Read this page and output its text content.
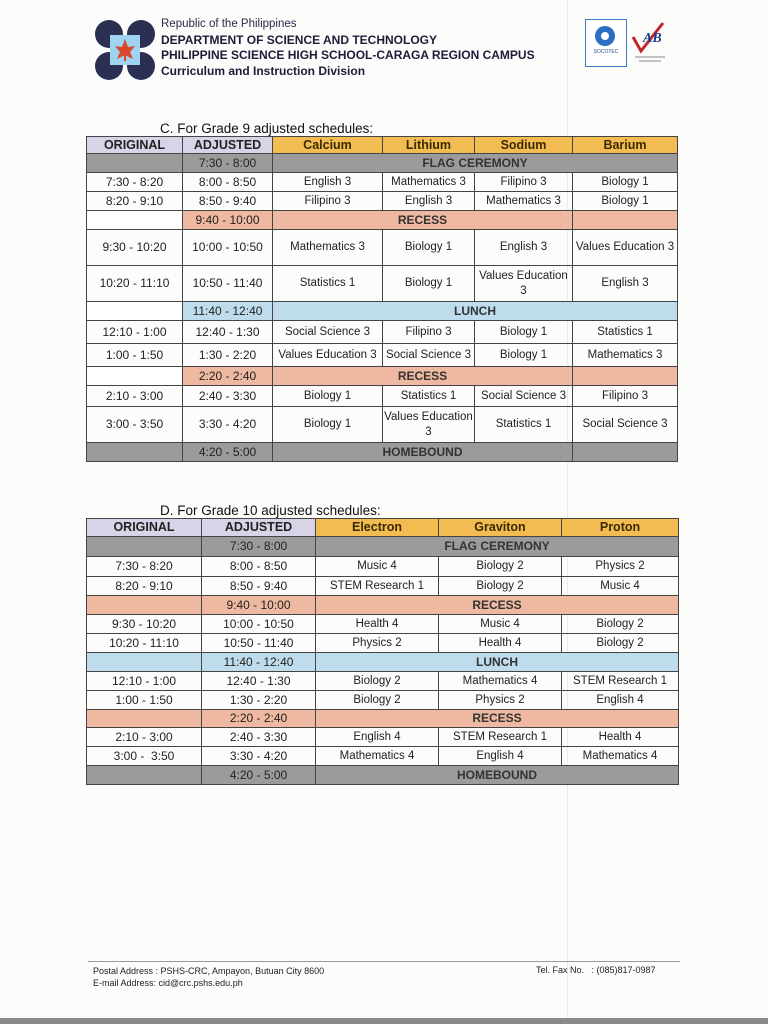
Republic of the Philippines
DEPARTMENT OF SCIENCE AND TECHNOLOGY
PHILIPPINE SCIENCE HIGH SCHOOL-CARAGA REGION CAMPUS
Curriculum and Instruction Division
SOCOTEC
AB
C. For Grade 9 adjusted schedules:
ORIGINAL	ADJUSTED	Calcium	Lithium	Sodium	Barium
	7:30 - 8:00	FLAG CEREMONY			
7:30 - 8:20	8:00 - 8:50	English 3	Mathematics 3	Filipino 3	Biology 1
8:20 - 9:10	8:50 - 9:40	Filipino 3	English 3	Mathematics 3	Biology 1
	9:40 - 10:00	RECESS			
9:30 - 10:20	10:00 - 10:50	Mathematics 3	Biology 1	English 3	Values Education 3
10:20 - 11:10	10:50 - 11:40	Statistics 1	Biology 1	Values Education 3	English 3
	11:40 - 12:40	LUNCH			
12:10 - 1:00	12:40 - 1:30	Social Science 3	Filipino 3	Biology 1	Statistics 1
1:00 - 1:50	1:30 - 2:20	Values Education 3	Social Science 3	Biology 1	Mathematics 3
	2:20 - 2:40	RECESS			
2:10 - 3:00	2:40 - 3:30	Biology 1	Statistics 1	Social Science 3	Filipino 3
3:00 - 3:50	3:30 - 4:20	Biology 1	Values Education 3	Statistics 1	Social Science 3
	4:20 - 5:00	HOMEBOUND			
D. For Grade 10 adjusted schedules:
ORIGINAL	ADJUSTED	Electron	Graviton	Proton
	7:30 - 8:00	FLAG CEREMONY		
7:30 - 8:20	8:00 - 8:50	Music 4	Biology 2	Physics 2
8:20 - 9:10	8:50 - 9:40	STEM Research 1	Biology 2	Music 4
	9:40 - 10:00	RECESS		
9:30 - 10:20	10:00 - 10:50	Health 4	Music 4	Biology 2
10:20 - 11:10	10:50 - 11:40	Physics 2	Health 4	Biology 2
	11:40 - 12:40	LUNCH		
12:10 - 1:00	12:40 - 1:30	Biology 2	Mathematics 4	STEM Research 1
1:00 - 1:50	1:30 - 2:20	Biology 2	Physics 2	English 4
	2:20 - 2:40	RECESS		
2:10 - 3:00	2:40 - 3:30	English 4	STEM Research 1	Health 4
3:00 -  3:50	3:30 - 4:20	Mathematics 4	English 4	Mathematics 4
	4:20 - 5:00	HOMEBOUND		
Postal Address : PSHS-CRC, Ampayon, Butuan City 8600
E-mail Address: cid@crc.pshs.edu.ph
Tel. Fax No.   : (085)817-0987
